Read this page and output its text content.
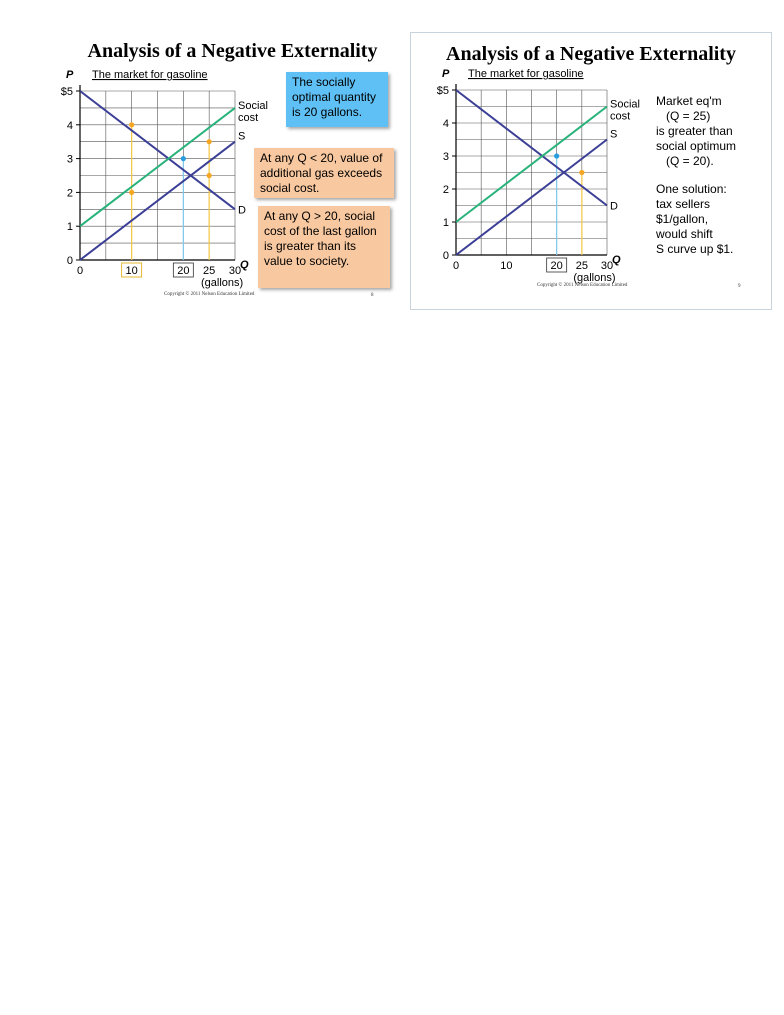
Analysis of a Negative Externality
D
S
Social
cost
0
1
2
3
4
$5
0	10	20 25 30
P The market for gasoline
Q
(gallons)
The socially optimal quantity is 20 gallons.
At any Q < 20, value of additional gas exceeds social cost.
At any Q > 20, social cost of the last gallon is greater than its value to society.
Copyright © 2011 Nelson Education Limited	8
Analysis of a Negative Externality
D
S
Social
cost
0
1
2
3
4
$5
0	10	20 25 30
P The market for gasoline
Q
(gallons)
Market eq'm
(Q = 25)
is greater than
social optimum
(Q = 20).
One solution:
tax sellers
$1/gallon,
would shift
S curve up $1.
Copyright © 2011 Nelson Education Limited	9
